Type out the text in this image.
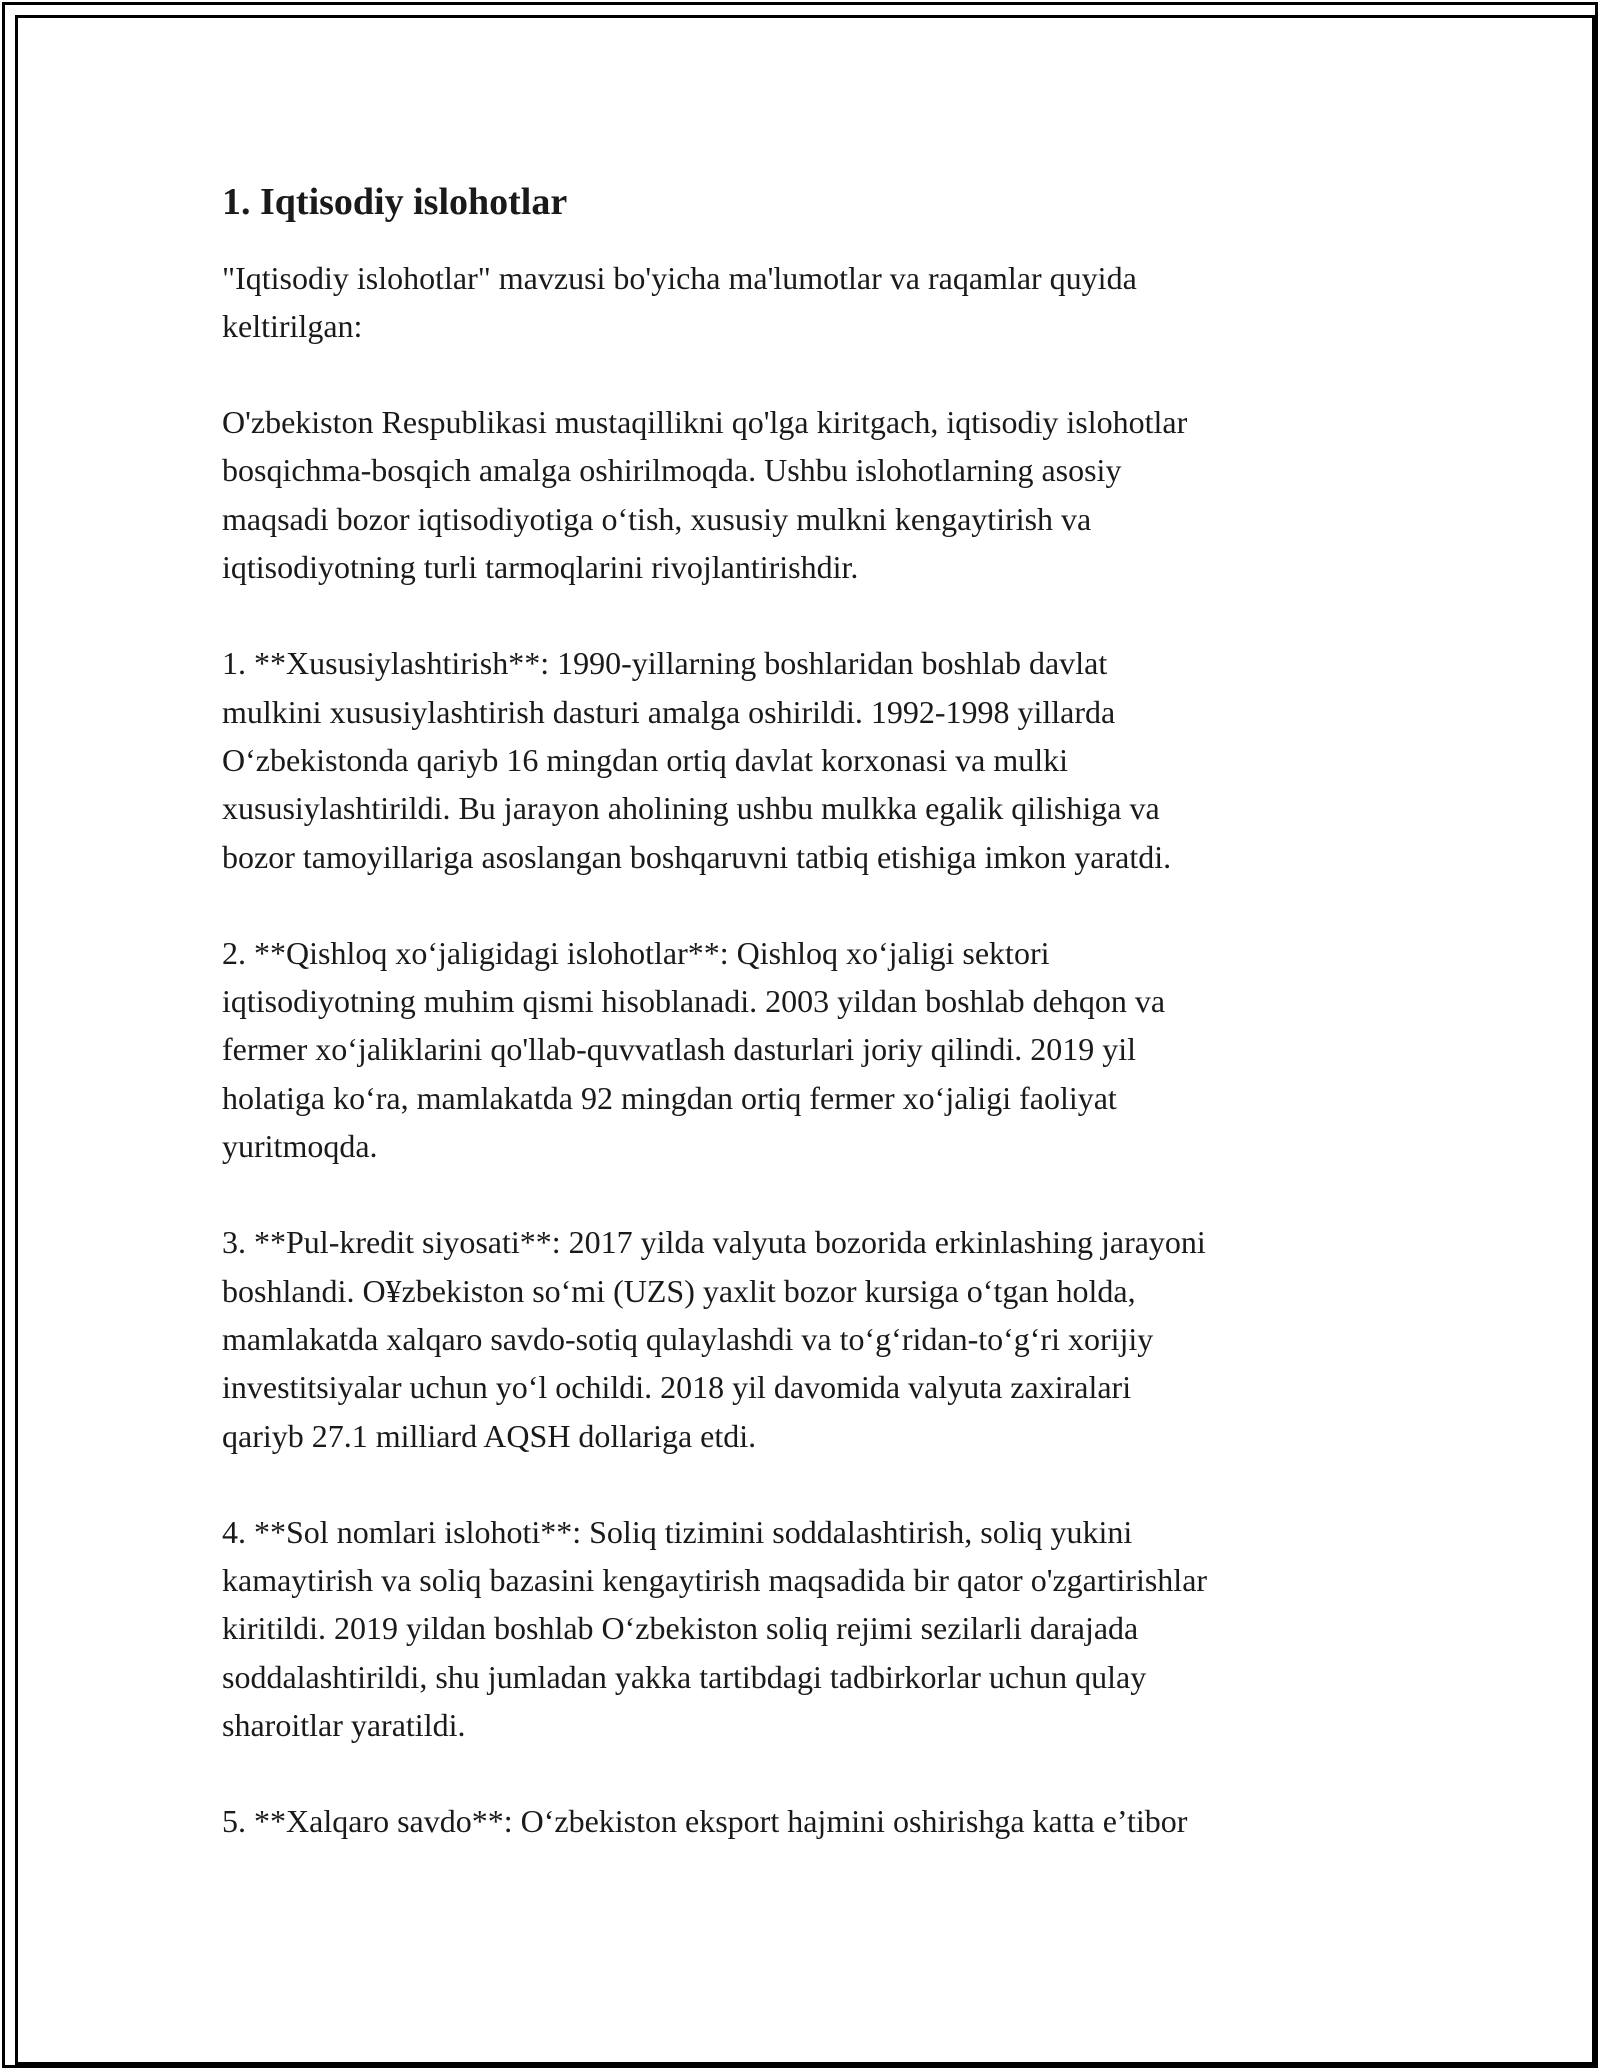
1. Iqtisodiy islohotlar

"Iqtisodiy islohotlar" mavzusi bo'yicha ma'lumotlar va raqamlar quyida
keltirilgan:

O'zbekiston Respublikasi mustaqillikni qo'lga kiritgach, iqtisodiy islohotlar
bosqichma-bosqich amalga oshirilmoqda. Ushbu islohotlarning asosiy
maqsadi bozor iqtisodiyotiga o‘tish, xususiy mulkni kengaytirish va
iqtisodiyotning turli tarmoqlarini rivojlantirishdir.

1. **Xususiylashtirish**: 1990-yillarning boshlaridan boshlab davlat
mulkini xususiylashtirish dasturi amalga oshirildi. 1992-1998 yillarda
O‘zbekistonda qariyb 16 mingdan ortiq davlat korxonasi va mulki
xususiylashtirildi. Bu jarayon aholining ushbu mulkka egalik qilishiga va
bozor tamoyillariga asoslangan boshqaruvni tatbiq etishiga imkon yaratdi.

2. **Qishloq xo‘jaligidagi islohotlar**: Qishloq xo‘jaligi sektori
iqtisodiyotning muhim qismi hisoblanadi. 2003 yildan boshlab dehqon va
fermer xo‘jaliklarini qo'llab-quvvatlash dasturlari joriy qilindi. 2019 yil
holatiga ko‘ra, mamlakatda 92 mingdan ortiq fermer xo‘jaligi faoliyat
yuritmoqda.

3. **Pul-kredit siyosati**: 2017 yilda valyuta bozorida erkinlashing jarayoni
boshlandi. O¥zbekiston so‘mi (UZS) yaxlit bozor kursiga o‘tgan holda,
mamlakatda xalqaro savdo-sotiq qulaylashdi va to‘g‘ridan-to‘g‘ri xorijiy
investitsiyalar uchun yo‘l ochildi. 2018 yil davomida valyuta zaxiralari
qariyb 27.1 milliard AQSH dollariga etdi.

4. **Sol nomlari islohoti**: Soliq tizimini soddalashtirish, soliq yukini
kamaytirish va soliq bazasini kengaytirish maqsadida bir qator o'zgartirishlar
kiritildi. 2019 yildan boshlab O‘zbekiston soliq rejimi sezilarli darajada
soddalashtirildi, shu jumladan yakka tartibdagi tadbirkorlar uchun qulay
sharoitlar yaratildi.

5. **Xalqaro savdo**: O‘zbekiston eksport hajmini oshirishga katta e’tibor
